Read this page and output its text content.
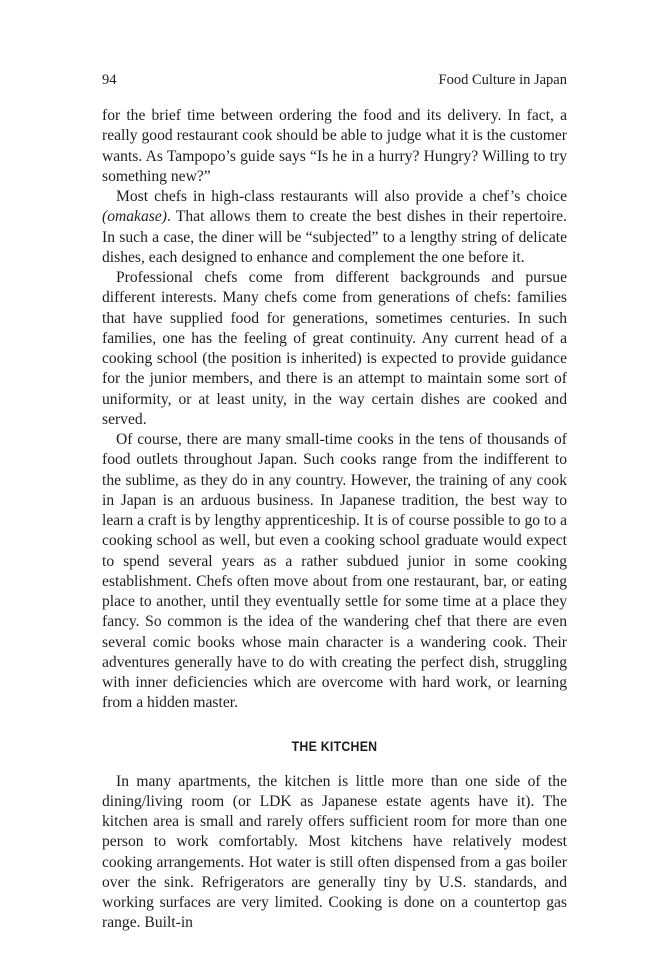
94	Food Culture in Japan

for the brief time between ordering the food and its delivery. In fact, a really good restaurant cook should be able to judge what it is the customer wants. As Tampopo’s guide says “Is he in a hurry? Hungry? Willing to try something new?”

Most chefs in high-class restaurants will also provide a chef’s choice (omakase). That allows them to create the best dishes in their repertoire. In such a case, the diner will be “subjected” to a lengthy string of delicate dishes, each designed to enhance and complement the one before it.

Professional chefs come from different backgrounds and pursue different interests. Many chefs come from generations of chefs: families that have supplied food for generations, sometimes centuries. In such families, one has the feeling of great continuity. Any current head of a cooking school (the position is inherited) is expected to provide guidance for the junior members, and there is an attempt to maintain some sort of uniformity, or at least unity, in the way certain dishes are cooked and served.

Of course, there are many small-time cooks in the tens of thousands of food outlets throughout Japan. Such cooks range from the indifferent to the sublime, as they do in any country. However, the training of any cook in Japan is an arduous business. In Japanese tradition, the best way to learn a craft is by lengthy apprenticeship. It is of course possible to go to a cooking school as well, but even a cooking school graduate would expect to spend several years as a rather subdued junior in some cooking establishment. Chefs often move about from one restaurant, bar, or eating place to another, until they eventually settle for some time at a place they fancy. So common is the idea of the wandering chef that there are even several comic books whose main character is a wandering cook. Their adventures generally have to do with creating the perfect dish, struggling with inner deficiencies which are overcome with hard work, or learning from a hidden master.

THE KITCHEN

In many apartments, the kitchen is little more than one side of the dining/living room (or LDK as Japanese estate agents have it). The kitchen area is small and rarely offers sufficient room for more than one person to work comfortably. Most kitchens have relatively modest cooking arrangements. Hot water is still often dispensed from a gas boiler over the sink. Refrigerators are generally tiny by U.S. standards, and working surfaces are very limited. Cooking is done on a countertop gas range. Built-in
